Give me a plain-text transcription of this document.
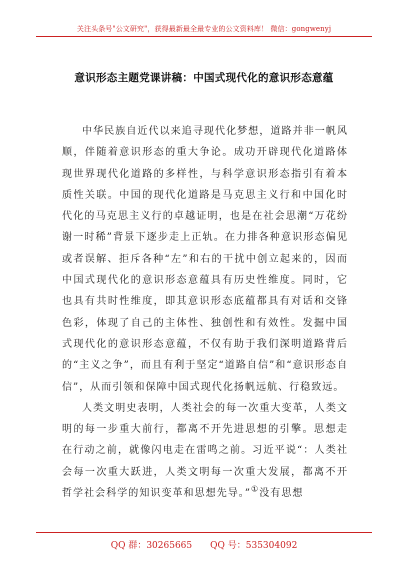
关注头条号"公文研究"，获得最新最全最专业的公文资料库！ 微信：gongwenyj
意识形态主题党课讲稿：中国式现代化的意识形态意蕴

中华民族自近代以来追寻现代化梦想，道路并非一帆风顺，伴随着意识形态的重大争论。成功开辟现代化道路体现世界现代化道路的多样性，与科学意识形态指引有着本质性关联。中国的现代化道路是马克思主义行和中国化时代化的马克思主义行的卓越证明，也是在社会思潮“万花纷谢一时稀”背景下逐步走上正轨。在力排各种意识形态偏见或者误解、拒斥各种“左”和右的干扰中创立起来的，因而中国式现代化的意识形态意蕴具有历史性维度。同时，它也具有共时性维度，即其意识形态底蕴都具有对话和交锋色彩，体现了自己的主体性、独创性和有效性。发掘中国式现代化的意识形态意蕴，不仅有助于我们深明道路背后的“主义之争”，而且有利于坚定“道路自信”和“意识形态自信”，从而引领和保障中国式现代化扬帆远航、行稳致远。

人类文明史表明，人类社会的每一次重大变革，人类文明的每一步重大前行，都离不开先进思想的引擎。思想走在行动之前，就像闪电走在雷鸣之前。习近平说“：人类社会每一次重大跃进，人类文明每一次重大发展，都离不开哲学社会科学的知识变革和思想先导。”①没有思想

QQ 群：30265665 QQ 号：535304092
